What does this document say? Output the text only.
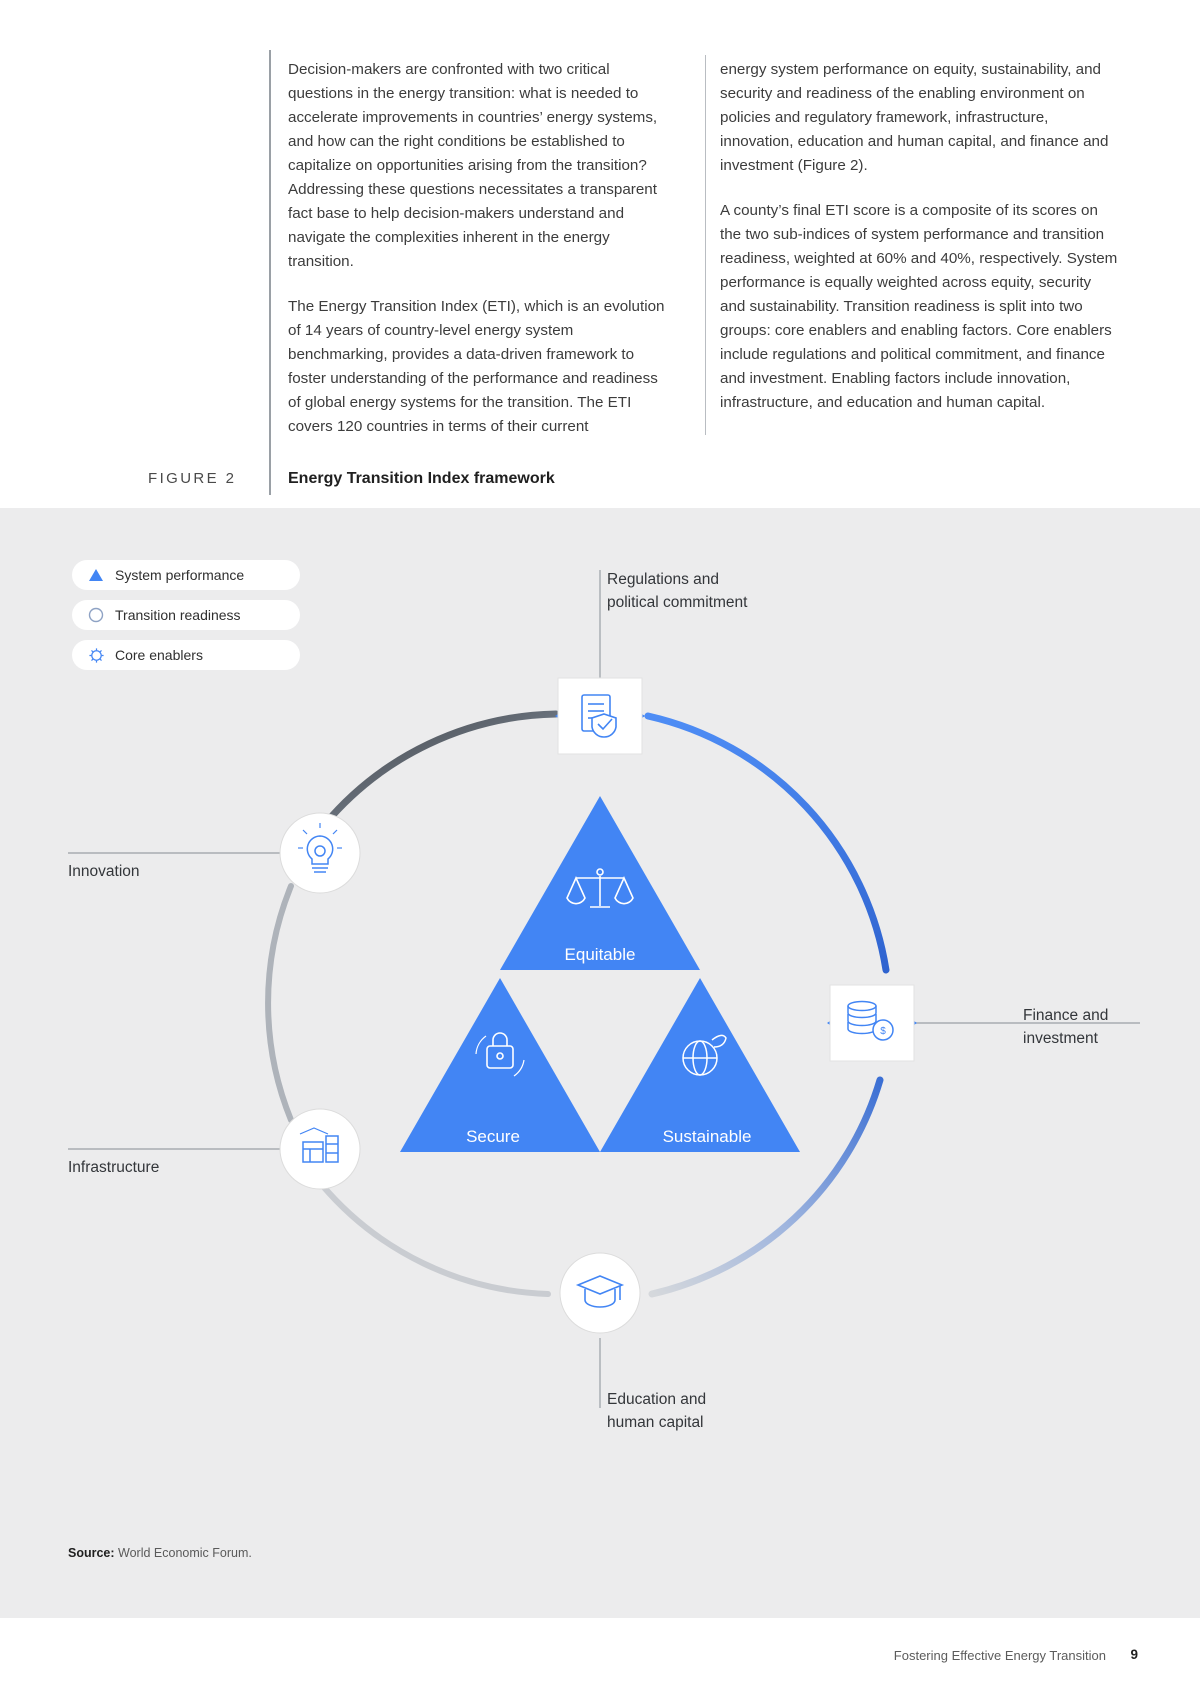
Decision-makers are confronted with two critical questions in the energy transition: what is needed to accelerate improvements in countries’ energy systems, and how can the right conditions be established to capitalize on opportunities arising from the transition? Addressing these questions necessitates a transparent fact base to help decision-makers understand and navigate the complexities inherent in the energy transition.

The Energy Transition Index (ETI), which is an evolution of 14 years of country-level energy system benchmarking, provides a data-driven framework to foster understanding of the performance and readiness of global energy systems for the transition. The ETI covers 120 countries in terms of their current

energy system performance on equity, sustainability, and security and readiness of the enabling environment on policies and regulatory framework, infrastructure, innovation, education and human capital, and finance and investment (Figure 2).

A county’s final ETI score is a composite of its scores on the two sub-indices of system performance and transition readiness, weighted at 60% and 40%, respectively. System performance is equally weighted across equity, security and sustainability. Transition readiness is split into two groups: core enablers and enabling factors. Core enablers include regulations and political commitment, and finance and investment. Enabling factors include innovation, infrastructure, and education and human capital.

FIGURE 2	Energy Transition Index framework
System performance
Transition readiness
Core enablers
Equitable
Secure	Sustainable
$
Regulations and
political commitment
Finance and
investment
Education and
human capital
Innovation
Infrastructure
Source: World Economic Forum.
Fostering Effective Energy Transition 9
